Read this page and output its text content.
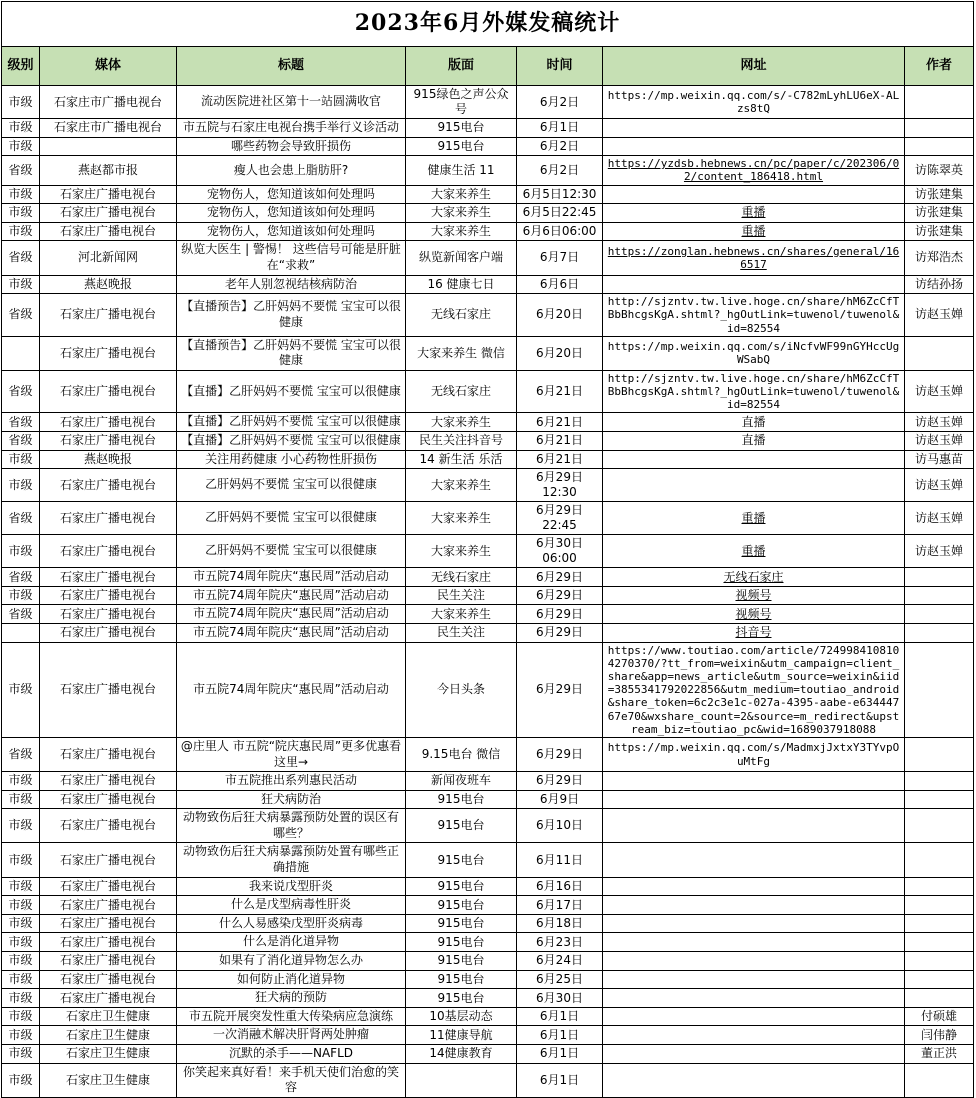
2023年6月外媒发稿统计						
级别	媒体	标题	版面	时间	网址	作者
市级	石家庄市广播电视台	流动医院进社区第十一站圆满收官	915绿色之声公众号	6月2日	https://mp.weixin.qq.com/s/-C782mLyhLU6eX-ALzs8tQ	
市级	石家庄市广播电视台	市五院与石家庄电视台携手举行义诊活动	915电台	6月1日		
市级		哪些药物会导致肝损伤	915电台	6月2日		
省级	燕赵都市报	瘦人也会患上脂肪肝?	健康生活 11	6月2日	https://yzdsb.hebnews.cn/pc/paper/c/202306/02/content_186418.html	访陈翠英
市级	石家庄广播电视台	宠物伤人，您知道该如何处理吗	大家来养生	6月5日12:30		访张建集
市级	石家庄广播电视台	宠物伤人，您知道该如何处理吗	大家来养生	6月5日22:45	重播	访张建集
市级	石家庄广播电视台	宠物伤人，您知道该如何处理吗	大家来养生	6月6日06:00	重播	访张建集
省级	河北新闻网	纵览大医生 | 警惕！ 这些信号可能是肝脏在“求救”	纵览新闻客户端	6月7日	https://zonglan.hebnews.cn/shares/general/166517	访郑浩杰
市级	燕赵晚报	老年人别忽视结核病防治	16 健康七日	6月6日		访结孙扬
省级	石家庄广播电视台	【直播预告】乙肝妈妈不要慌 宝宝可以很健康	无线石家庄	6月20日	http://sjzntv.tw.live.hoge.cn/share/hM6ZcCfTBbBhcgsKgA.shtml?_hgOutLink=tuwenol/tuwenol&id=82554	访赵玉婵
	石家庄广播电视台	【直播预告】乙肝妈妈不要慌 宝宝可以很健康	大家来养生 微信	6月20日	https://mp.weixin.qq.com/s/iNcfvWF99nGYHccUgWSabQ	
省级	石家庄广播电视台	【直播】乙肝妈妈不要慌 宝宝可以很健康	无线石家庄	6月21日	http://sjzntv.tw.live.hoge.cn/share/hM6ZcCfTBbBhcgsKgA.shtml?_hgOutLink=tuwenol/tuwenol&id=82554	访赵玉婵
省级	石家庄广播电视台	【直播】乙肝妈妈不要慌 宝宝可以很健康	大家来养生	6月21日	直播	访赵玉婵
省级	石家庄广播电视台	【直播】乙肝妈妈不要慌 宝宝可以很健康	民生关注抖音号	6月21日	直播	访赵玉婵
市级	燕赵晚报	关注用药健康 小心药物性肝损伤	14 新生活 乐活	6月21日		访马惠苗
市级	石家庄广播电视台	乙肝妈妈不要慌 宝宝可以很健康	大家来养生	6月29日12:30		访赵玉婵
省级	石家庄广播电视台	乙肝妈妈不要慌 宝宝可以很健康	大家来养生	6月29日22:45	重播	访赵玉婵
市级	石家庄广播电视台	乙肝妈妈不要慌 宝宝可以很健康	大家来养生	6月30日06:00	重播	访赵玉婵
省级	石家庄广播电视台	市五院74周年院庆“惠民周”活动启动	无线石家庄	6月29日	无线石家庄	
市级	石家庄广播电视台	市五院74周年院庆“惠民周”活动启动	民生关注	6月29日	视频号	
省级	石家庄广播电视台	市五院74周年院庆“惠民周”活动启动	大家来养生	6月29日	视频号	
	石家庄广播电视台	市五院74周年院庆“惠民周”活动启动	民生关注	6月29日	抖音号	
市级	石家庄广播电视台	市五院74周年院庆“惠民周”活动启动	今日头条	6月29日	https://www.toutiao.com/article/7249984108104270370/?tt_from=weixin&utm_campaign=client_share&app=news_article&utm_source=weixin&iid=3855341792022856&utm_medium=toutiao_android&share_token=6c2c3e1c-027a-4395-aabe-e63444767e70&wxshare_count=2&source=m_redirect&upstream_biz=toutiao_pc&wid=1689037918088	
省级	石家庄广播电视台	@庄里人 市五院“院庆惠民周”更多优惠看这里→	9.15电台 微信	6月29日	https://mp.weixin.qq.com/s/MadmxjJxtxY3TYvpOuMtFg	
市级	石家庄广播电视台	市五院推出系列惠民活动	新闻夜班车	6月29日		
市级	石家庄广播电视台	狂犬病防治	915电台	6月9日		
市级	石家庄广播电视台	动物致伤后狂犬病暴露预防处置的误区有哪些？	915电台	6月10日		
市级	石家庄广播电视台	动物致伤后狂犬病暴露预防处置有哪些正确措施	915电台	6月11日		
市级	石家庄广播电视台	我来说戊型肝炎	915电台	6月16日		
市级	石家庄广播电视台	什么是戊型病毒性肝炎	915电台	6月17日		
市级	石家庄广播电视台	什么人易感染戊型肝炎病毒	915电台	6月18日		
市级	石家庄广播电视台	什么是消化道异物	915电台	6月23日		
市级	石家庄广播电视台	如果有了消化道异物怎么办	915电台	6月24日		
市级	石家庄广播电视台	如何防止消化道异物	915电台	6月25日		
市级	石家庄广播电视台	狂犬病的预防	915电台	6月30日		
市级	石家庄卫生健康	市五院开展突发性重大传染病应急演练	10基层动态	6月1日		付硕雄
市级	石家庄卫生健康	一次消融术解决肝肾两处肿瘤	11健康导航	6月1日		闫伟静
市级	石家庄卫生健康	沉默的杀手——NAFLD	14健康教育	6月1日		董正洪
市级	石家庄卫生健康	你笑起来真好看！来手机天使们治愈的笑容		6月1日		
